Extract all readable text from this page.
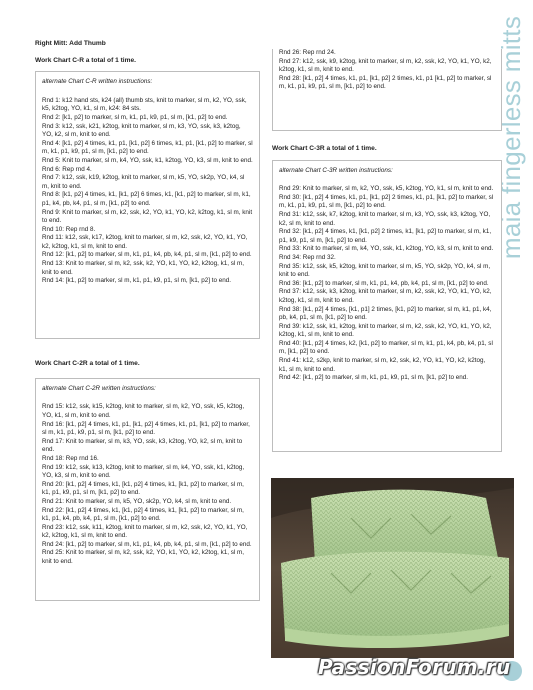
maia fingerless mitts

Right Mitt: Add Thumb

Work Chart C-R a total of 1 time.

alternate Chart C-R written instructions:

Rnd 1: k12 hand sts, k24 (all) thumb sts, knit to marker, sl m, k2, YO, ssk, k5, k2tog, YO, k1, sl m, k24: 84 sts.

Rnd 2: [k1, p2] to marker, sl m, k1, p1, k9, p1, sl m, [k1, p2] to end.

Rnd 3: k12, ssk, k21, k2tog, knit to marker, sl m, k3, YO, ssk, k3, k2tog, YO, k2, sl m, knit to end.

Rnd 4: [k1, p2] 4 times, k1, p1, [k1, p2] 6 times, k1, p1, [k1, p2] to marker, sl m, k1, p1, k9, p1, sl m, [k1, p2] to end.

Rnd 5: Knit to marker, sl m, k4, YO, ssk, k1, k2tog, YO, k3, sl m, knit to end.

Rnd 6: Rep rnd 4.

Rnd 7: k12, ssk, k19, k2tog, knit to marker, sl m, k5, YO, sk2p, YO, k4, sl m, knit to end.

Rnd 8: [k1, p2] 4 times, k1, [k1, p2] 6 times, k1, [k1, p2] to marker, sl m, k1, p1, k4, pb, k4, p1, sl m, [k1, p2] to end.

Rnd 9: Knit to marker, sl m, k2, ssk, k2, YO, k1, YO, k2, k2tog, k1, sl m, knit to end.

Rnd 10: Rep rnd 8.

Rnd 11: k12, ssk, k17, k2tog, knit to marker, sl m, k2, ssk, k2, YO, k1, YO, k2, k2tog, k1, sl m, knit to end.

Rnd 12: [k1, p2] to marker, sl m, k1, p1, k4, pb, k4, p1, sl m, [k1, p2] to end.

Rnd 13: Knit to marker, sl m, k2, ssk, k2, YO, k1, YO, k2, k2tog, k1, sl m, knit to end.

Rnd 14: [k1, p2] to marker, sl m, k1, p1, k9, p1, sl m, [k1, p2] to end.

Work Chart C-2R a total of 1 time.

alternate Chart C-2R written instructions:

Rnd 15: k12, ssk, k15, k2tog, knit to marker, sl m, k2, YO, ssk, k5, k2tog, YO, k1, sl m, knit to end.

Rnd 16: [k1, p2] 4 times, k1, p1, [k1, p2] 4 times, k1, p1, [k1, p2] to marker, sl m, k1, p1, k9, p1, sl m, [k1, p2] to end.

Rnd 17: Knit to marker, sl m, k3, YO, ssk, k3, k2tog, YO, k2, sl m, knit to end.

Rnd 18: Rep rnd 16.

Rnd 19: k12, ssk, k13, k2tog, knit to marker, sl m, k4, YO, ssk, k1, k2tog, YO, k3, sl m, knit to end.

Rnd 20: [k1, p2] 4 times, k1, [k1, p2] 4 times, k1, [k1, p2] to marker, sl m, k1, p1, k9, p1, sl m, [k1, p2] to end.

Rnd 21: Knit to marker, sl m, k5, YO, sk2p, YO, k4, sl m, knit to end.

Rnd 22: [k1, p2] 4 times, k1, [k1, p2] 4 times, k1, [k1, p2] to marker, sl m, k1, p1, k4, pb, k4, p1, sl m, [k1, p2] to end.

Rnd 23: k12, ssk, k11, k2tog, knit to marker, sl m, k2, ssk, k2, YO, k1, YO, k2, k2tog, k1, sl m, knit to end.

Rnd 24: [k1, p2] to marker, sl m, k1, p1, k4, pb, k4, p1, sl m, [k1, p2] to end.

Rnd 25: Knit to marker, sl m, k2, ssk, k2, YO, k1, YO, k2, k2tog, k1, sl m, knit to end.

Rnd 26: Rep rnd 24.

Rnd 27: k12, ssk, k9, k2tog, knit to marker, sl m, k2, ssk, k2, YO, k1, YO, k2, k2tog, k1, sl m, knit to end.

Rnd 28: [k1, p2] 4 times, k1, p1, [k1, p2] 2 times, k1, p1 [k1, p2] to marker, sl m, k1, p1, k9, p1, sl m, [k1, p2] to end.

Work Chart C-3R a total of 1 time.

alternate Chart C-3R written instructions:

Rnd 29: Knit to marker, sl m, k2, YO, ssk, k5, k2tog, YO, k1, sl m, knit to end.

Rnd 30: [k1, p2] 4 times, k1, p1, [k1, p2] 2 times, k1, p1, [k1, p2] to marker, sl m, k1, p1, k9, p1, sl m, [k1, p2] to end.

Rnd 31: k12, ssk, k7, k2tog, knit to marker, sl m, k3, YO, ssk, k3, k2tog, YO, k2, sl m, knit to end.

Rnd 32: [k1, p2] 4 times, k1, [k1, p2] 2 times, k1, [k1, p2] to marker, sl m, k1, p1, k9, p1, sl m, [k1, p2] to end.

Rnd 33: Knit to marker, sl m, k4, YO, ssk, k1, k2tog, YO, k3, sl m, knit to end.

Rnd 34: Rep rnd 32.

Rnd 35: k12, ssk, k5, k2tog, knit to marker, sl m, k5, YO, sk2p, YO, k4, sl m, knit to end.

Rnd 36: [k1, p2] to marker, sl m, k1, p1, k4, pb, k4, p1, sl m, [k1, p2] to end.

Rnd 37: k12, ssk, k3, k2tog, knit to marker, sl m, k2, ssk, k2, YO, k1, YO, k2, k2tog, k1, sl m, knit to end.

Rnd 38: [k1, p2] 4 times, [k1, p1] 2 times, [k1, p2] to marker, sl m, k1, p1, k4, pb, k4, p1, sl m, [k1, p2] to end.

Rnd 39: k12, ssk, k1, k2tog, knit to marker, sl m, k2, ssk, k2, YO, k1, YO, k2, k2tog, k1, sl m, knit to end.

Rnd 40: [k1, p2] 4 times, k2, [k1, p2] to marker, sl m, k1, p1, k4, pb, k4, p1, sl m, [k1, p2] to end.

Rnd 41: k12, s2kp, knit to marker, sl m, k2, ssk, k2, YO, k1, YO, k2, k2tog, k1, sl m, knit to end.

Rnd 42: [k1, p2] to marker, sl m, k1, p1, k9, p1, sl m, [k1, p2] to end.

PassionForum.ru
